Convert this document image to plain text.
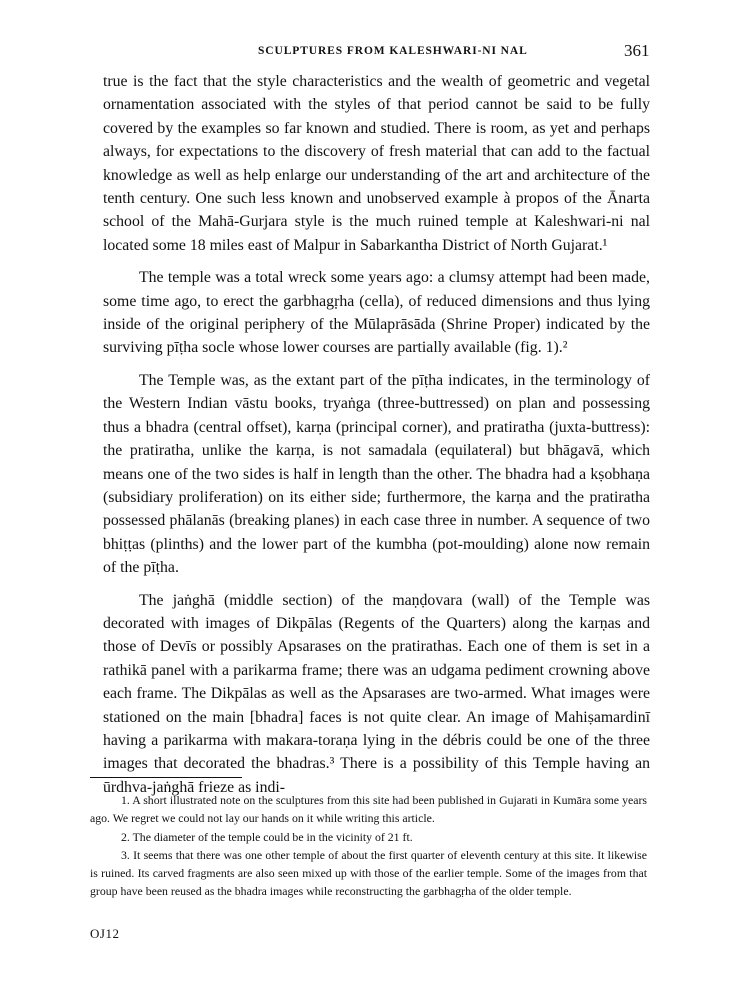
SCULPTURES FROM KALESHWARI-NI NAL	361

true is the fact that the style characteristics and the wealth of geometric and vegetal ornamentation associated with the styles of that period cannot be said to be fully covered by the examples so far known and studied. There is room, as yet and perhaps always, for expectations to the discovery of fresh material that can add to the factual knowledge as well as help enlarge our understanding of the art and architecture of the tenth century. One such less known and unobserved example à propos of the Ānarta school of the Mahā-Gurjara style is the much ruined temple at Kaleshwari-ni nal located some 18 miles east of Malpur in Sabarkantha District of North Gujarat.¹

The temple was a total wreck some years ago: a clumsy attempt had been made, some time ago, to erect the garbhagṛha (cella), of reduced dimensions and thus lying inside of the original periphery of the Mūlaprāsāda (Shrine Proper) indicated by the surviving pīṭha socle whose lower courses are partially available (fig. 1).²

The Temple was, as the extant part of the pīṭha indicates, in the terminology of the Western Indian vāstu books, tryaṅga (three-buttressed) on plan and possessing thus a bhadra (central offset), karṇa (principal corner), and pratiratha (juxta-buttress): the pratiratha, unlike the karṇa, is not samadala (equilateral) but bhāgavā, which means one of the two sides is half in length than the other. The bhadra had a kṣobhaṇa (subsidiary proliferation) on its either side; furthermore, the karṇa and the pratiratha possessed phālanās (breaking planes) in each case three in number. A sequence of two bhiṭṭas (plinths) and the lower part of the kumbha (pot-moulding) alone now remain of the pīṭha.

The jaṅghā (middle section) of the maṇḍovara (wall) of the Temple was decorated with images of Dikpālas (Regents of the Quarters) along the karṇas and those of Devīs or possibly Apsarases on the pratirathas. Each one of them is set in a rathikā panel with a parikarma frame; there was an udgama pediment crowning above each frame. The Dikpālas as well as the Apsarases are two-armed. What images were stationed on the main [bhadra] faces is not quite clear. An image of Mahiṣamardinī having a parikarma with makara-toraṇa lying in the débris could be one of the three images that decorated the bhadras.³ There is a possibility of this Temple having an ūrdhva-jaṅghā frieze as indi-

1. A short illustrated note on the sculptures from this site had been published in Gujarati in Kumāra some years ago. We regret we could not lay our hands on it while writing this article.

2. The diameter of the temple could be in the vicinity of 21 ft.

3. It seems that there was one other temple of about the first quarter of eleventh century at this site. It likewise is ruined. Its carved fragments are also seen mixed up with those of the earlier temple. Some of the images from that group have been reused as the bhadra images while reconstructing the garbhagṛha of the older temple.

OJ12
